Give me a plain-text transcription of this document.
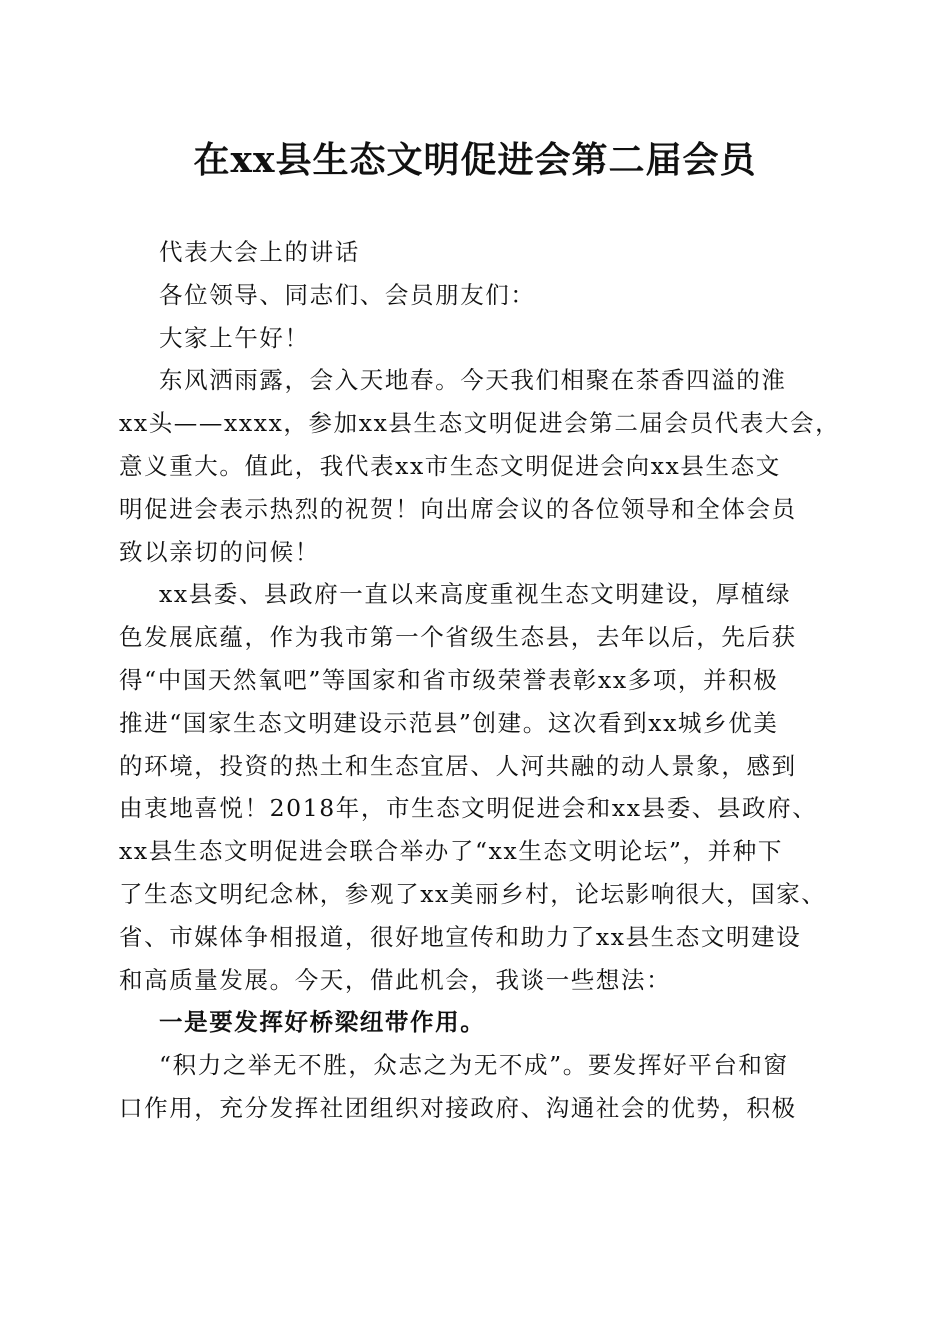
在xx县生态文明促进会第二届会员

代表大会上的讲话

各位领导、同志们、会员朋友们：

大家上午好！

东风洒雨露，会入天地春。今天我们相聚在茶香四溢的淮
xx头——xxxx，参加xx县生态文明促进会第二届会员代表大会，
意义重大。值此，我代表xx市生态文明促进会向xx县生态文
明促进会表示热烈的祝贺！向出席会议的各位领导和全体会员
致以亲切的问候！

xx县委、县政府一直以来高度重视生态文明建设，厚植绿
色发展底蕴，作为我市第一个省级生态县，去年以后，先后获
得“中国天然氧吧”等国家和省市级荣誉表彰xx多项，并积极
推进“国家生态文明建设示范县”创建。这次看到xx城乡优美
的环境，投资的热土和生态宜居、人河共融的动人景象，感到
由衷地喜悦！2018年，市生态文明促进会和xx县委、县政府、
xx县生态文明促进会联合举办了“xx生态文明论坛”，并种下
了生态文明纪念林，参观了xx美丽乡村，论坛影响很大，国家、
省、市媒体争相报道，很好地宣传和助力了xx县生态文明建设
和高质量发展。今天，借此机会，我谈一些想法：

一是要发挥好桥梁纽带作用。

“积力之举无不胜，众志之为无不成”。要发挥好平台和窗
口作用，充分发挥社团组织对接政府、沟通社会的优势，积极
